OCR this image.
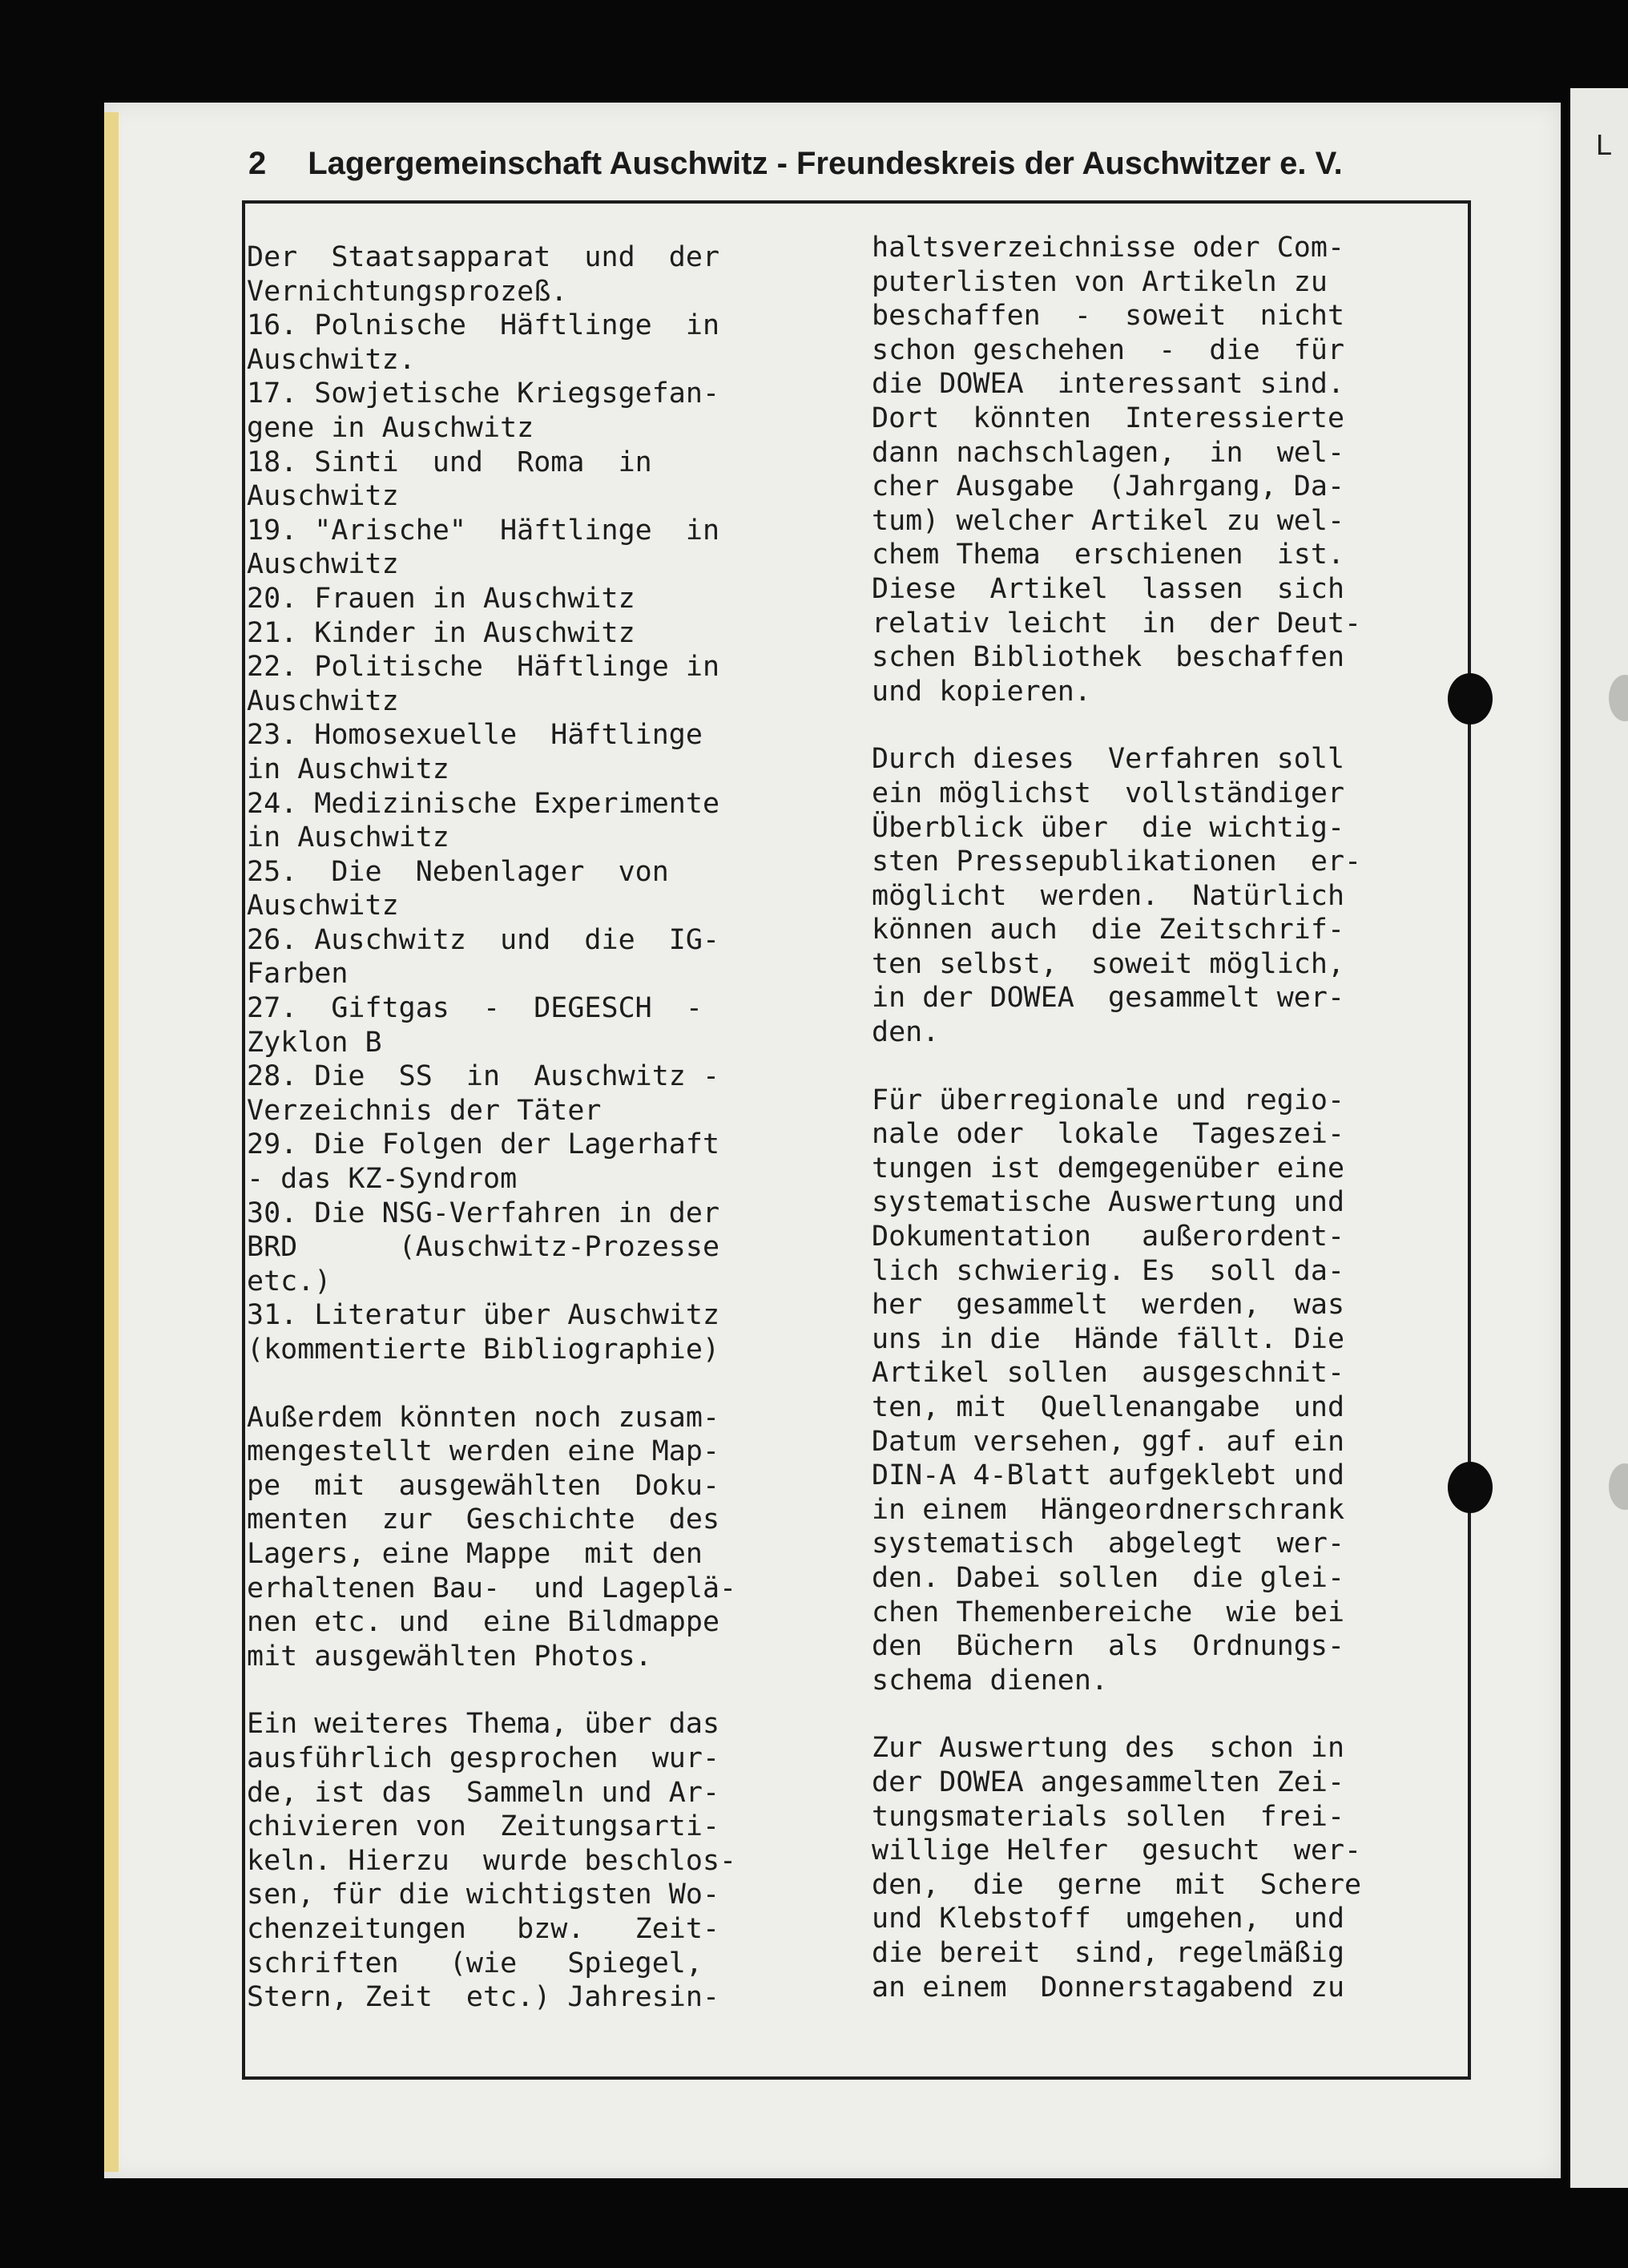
L
2 Lagergemeinschaft Auschwitz - Freundeskreis der Auschwitzer e. V.
Der  Staatsapparat  und  der
Vernichtungsprozeß.
16. Polnische  Häftlinge  in
Auschwitz.
17. Sowjetische Kriegsgefan-
gene in Auschwitz
18. Sinti  und  Roma  in
Auschwitz
19. "Arische"  Häftlinge  in
Auschwitz
20. Frauen in Auschwitz
21. Kinder in Auschwitz
22. Politische  Häftlinge in
Auschwitz
23. Homosexuelle  Häftlinge
in Auschwitz
24. Medizinische Experimente
in Auschwitz
25.  Die  Nebenlager  von
Auschwitz
26. Auschwitz  und  die  IG-
Farben
27.  Giftgas  -  DEGESCH  -
Zyklon B
28. Die  SS  in  Auschwitz -
Verzeichnis der Täter
29. Die Folgen der Lagerhaft
- das KZ-Syndrom
30. Die NSG-Verfahren in der
BRD      (Auschwitz-Prozesse
etc.)
31. Literatur über Auschwitz
(kommentierte Bibliographie)
Außerdem könnten noch zusam-
mengestellt werden eine Map-
pe  mit  ausgewählten  Doku-
menten  zur  Geschichte  des
Lagers, eine Mappe  mit den
erhaltenen Bau-  und Lageplä-
nen etc. und  eine Bildmappe
mit ausgewählten Photos.
Ein weiteres Thema, über das
ausführlich gesprochen  wur-
de, ist das  Sammeln und Ar-
chivieren von  Zeitungsarti-
keln. Hierzu  wurde beschlos-
sen, für die wichtigsten Wo-
chenzeitungen   bzw.   Zeit-
schriften   (wie   Spiegel,
Stern, Zeit  etc.) Jahresin-
haltsverzeichnisse oder Com-
puterlisten von Artikeln zu
beschaffen  -  soweit  nicht
schon geschehen  -  die  für
die DOWEA  interessant sind.
Dort  könnten  Interessierte
dann nachschlagen,  in  wel-
cher Ausgabe  (Jahrgang, Da-
tum) welcher Artikel zu wel-
chem Thema  erschienen  ist.
Diese  Artikel  lassen  sich
relativ leicht  in  der Deut-
schen Bibliothek  beschaffen
und kopieren.
Durch dieses  Verfahren soll
ein möglichst  vollständiger
Überblick über  die wichtig-
sten Pressepublikationen  er-
möglicht  werden.  Natürlich
können auch  die Zeitschrif-
ten selbst,  soweit möglich,
in der DOWEA  gesammelt wer-
den.
Für überregionale und regio-
nale oder  lokale  Tageszei-
tungen ist demgegenüber eine
systematische Auswertung und
Dokumentation   außerordent-
lich schwierig. Es  soll da-
her  gesammelt  werden,  was
uns in die  Hände fällt. Die
Artikel sollen  ausgeschnit-
ten, mit  Quellenangabe  und
Datum versehen, ggf. auf ein
DIN-A 4-Blatt aufgeklebt und
in einem  Hängeordnerschrank
systematisch  abgelegt  wer-
den. Dabei sollen  die glei-
chen Themenbereiche  wie bei
den  Büchern  als  Ordnungs-
schema dienen.
Zur Auswertung des  schon in
der DOWEA angesammelten Zei-
tungsmaterials sollen  frei-
willige Helfer  gesucht  wer-
den,  die  gerne  mit  Schere
und Klebstoff  umgehen,  und
die bereit  sind, regelmäßig
an einem  Donnerstagabend zu
